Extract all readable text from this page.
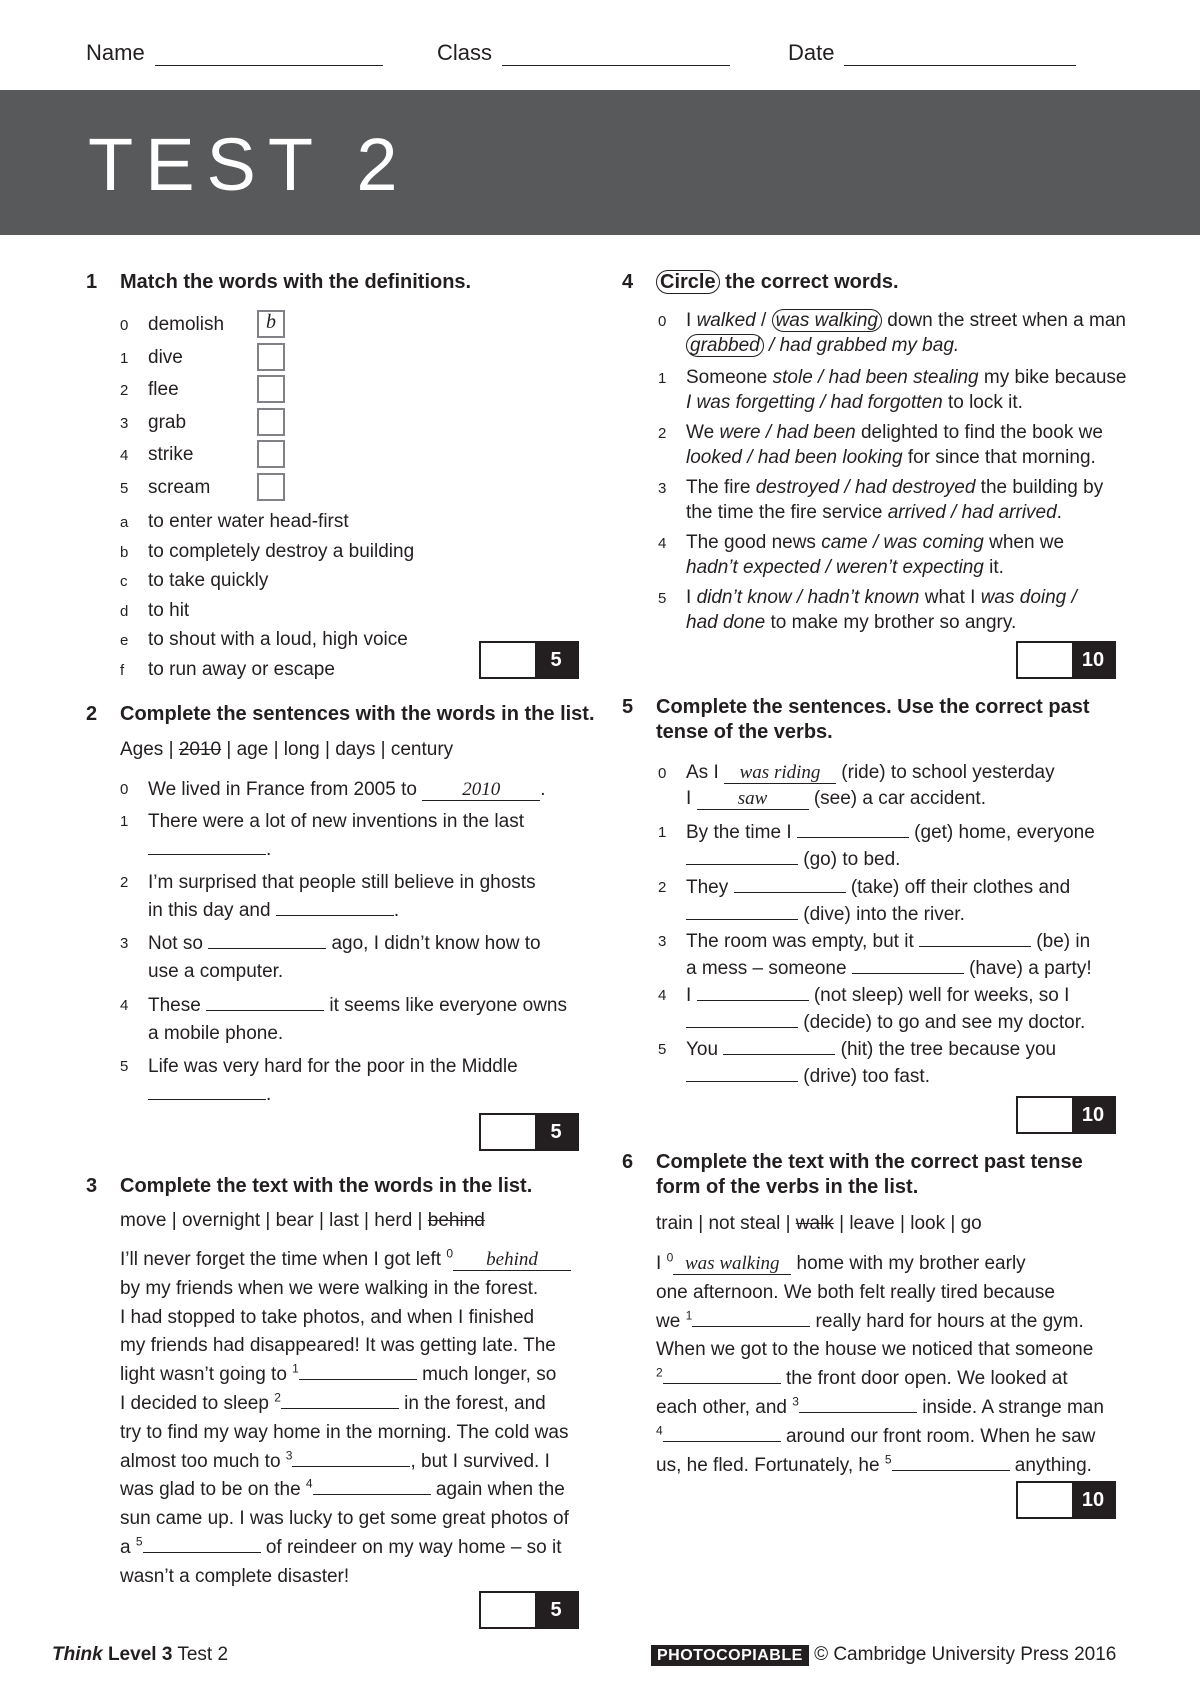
Name	Class	Date
TEST 2
1 Match the words with the definitions.
5
2 Complete the sentences with the words in the list.
Ages | 2010 | age | long | days | century
5
3 Complete the text with the words in the list.
move | overnight | bear | last | herd | behind
I’ll never forget the time when I got left $^0$ behind
by my friends when we were walking in the forest.
I had stopped to take photos, and when I finished
my friends had disappeared! It was getting late. The
light wasn’t going to $^1$	much longer, so
I decided to sleep $^2$	in the forest, and
try to find my way home in the morning. The cold was
almost too much to $^3$	, but I survived. I
was glad to be on the $^4$	again when the
sun came up. I was lucky to get some great photos of
a $^5$	of reindeer on my way home – so it
wasn’t a complete disaster!
5
4 Circle the correct words.
10
5 Complete the sentences. Use the correct past
tense of the verbs.
10
6 Complete the text with the correct past tense
form of the verbs in the list.
train | not steal | walk | leave | look | go
I $^0$ was walking home with my brother early
one afternoon. We both felt really tired because
we $^1$	really hard for hours at the gym.
When we got to the house we noticed that someone
$^2$	the front door open. We looked at
each other, and $^3$	inside. A strange man
$^4$	around our front room. When he saw
us, he fled. Fortunately, he $^5$	anything.
10
Think Level 3 Test 2	PHOTOCOPIABLE © Cambridge University Press 2016
0 demolish	b
1 dive
2 flee
3 grab
4 strike
5 scream
a to enter water head-first
b to completely destroy a building
c to take quickly
d to hit
e to shout with a loud, high voice
f to run away or escape
0 We lived in France from 2005 to 2010 .
1 There were a lot of new inventions in the last
.
2 I’m surprised that people still believe in ghosts
in this day and	.
3 Not so	ago, I didn’t know how to
use a computer.
4 These	it seems like everyone owns
a mobile phone.
5 Life was very hard for the poor in the Middle
.
0 I walked / was walking down the street when a man
grabbed / had grabbed my bag.
1 Someone stole / had been stealing my bike because
I was forgetting / had forgotten to lock it.
2 We were / had been delighted to find the book we
looked / had been looking for since that morning.
3 The fire destroyed / had destroyed the building by
the time the fire service arrived / had arrived.
4 The good news came / was coming when we
hadn’t expected / weren’t expecting it.
5 I didn’t know / hadn’t known what I was doing /
had done to make my brother so angry.
0 As I was riding (ride) to school yesterday
I saw (see) a car accident.
1 By the time I	(get) home, everyone
(go) to bed.
2 They	(take) off their clothes and
(dive) into the river.
3 The room was empty, but it	(be) in
a mess – someone	(have) a party!
4 I	(not sleep) well for weeks, so I
(decide) to go and see my doctor.
5 You	(hit) the tree because you
(drive) too fast.
